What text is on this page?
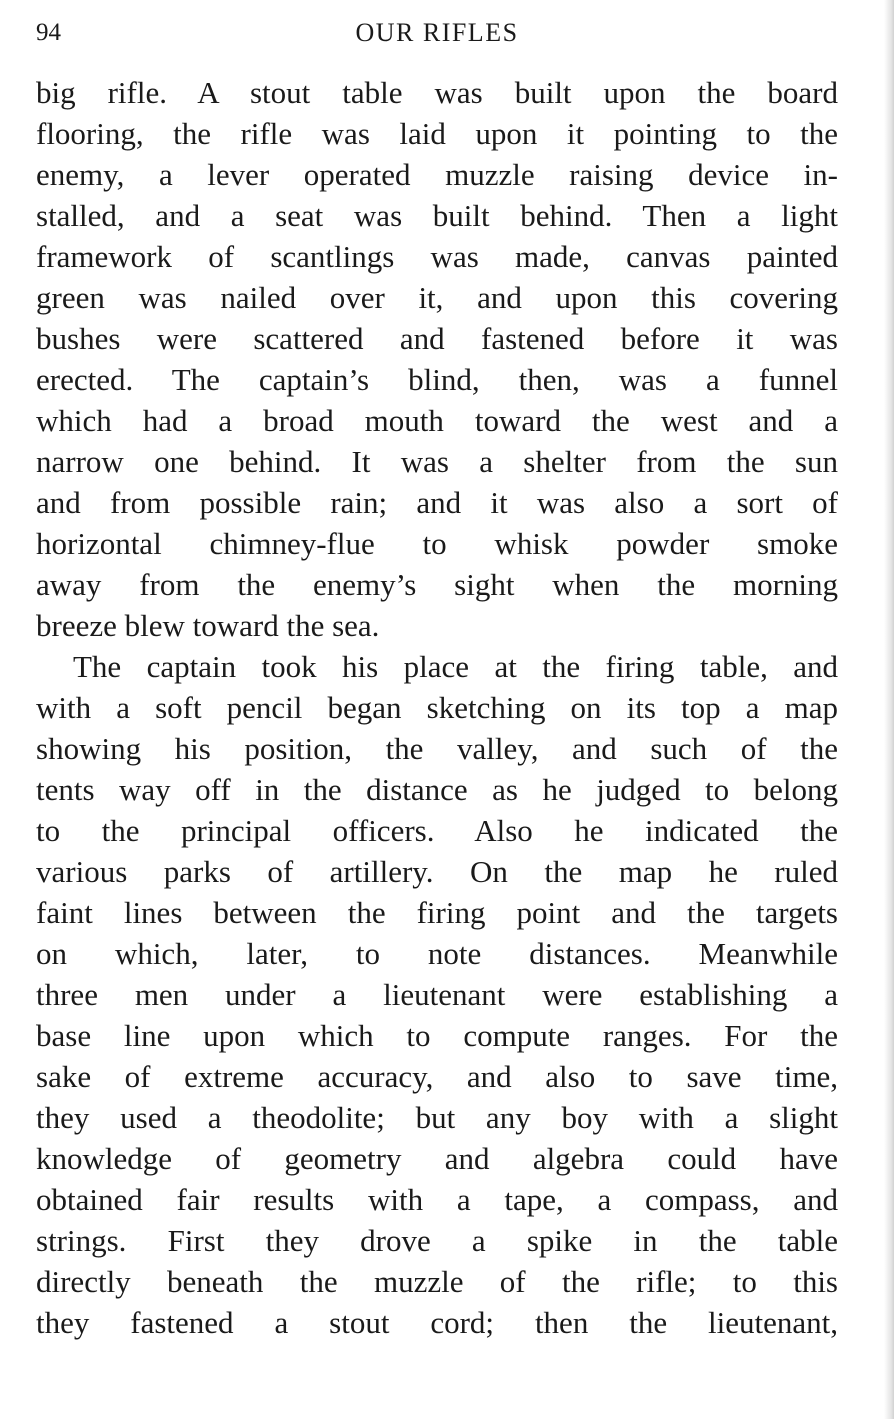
94	OUR RIFLES
big rifle. A stout table was built upon the board
flooring, the rifle was laid upon it pointing to the
enemy, a lever operated muzzle raising device in-
stalled, and a seat was built behind. Then a light
framework of scantlings was made, canvas painted
green was nailed over it, and upon this covering
bushes were scattered and fastened before it was
erected. The captain’s blind, then, was a funnel
which had a broad mouth toward the west and a
narrow one behind. It was a shelter from the sun
and from possible rain; and it was also a sort of
horizontal chimney-flue to whisk powder smoke
away from the enemy’s sight when the morning
breeze blew toward the sea.
The captain took his place at the firing table, and
with a soft pencil began sketching on its top a map
showing his position, the valley, and such of the
tents way off in the distance as he judged to belong
to the principal officers. Also he indicated the
various parks of artillery. On the map he ruled
faint lines between the firing point and the targets
on which, later, to note distances. Meanwhile
three men under a lieutenant were establishing a
base line upon which to compute ranges. For the
sake of extreme accuracy, and also to save time,
they used a theodolite; but any boy with a slight
knowledge of geometry and algebra could have
obtained fair results with a tape, a compass, and
strings. First they drove a spike in the table
directly beneath the muzzle of the rifle; to this
they fastened a stout cord; then the lieutenant,
